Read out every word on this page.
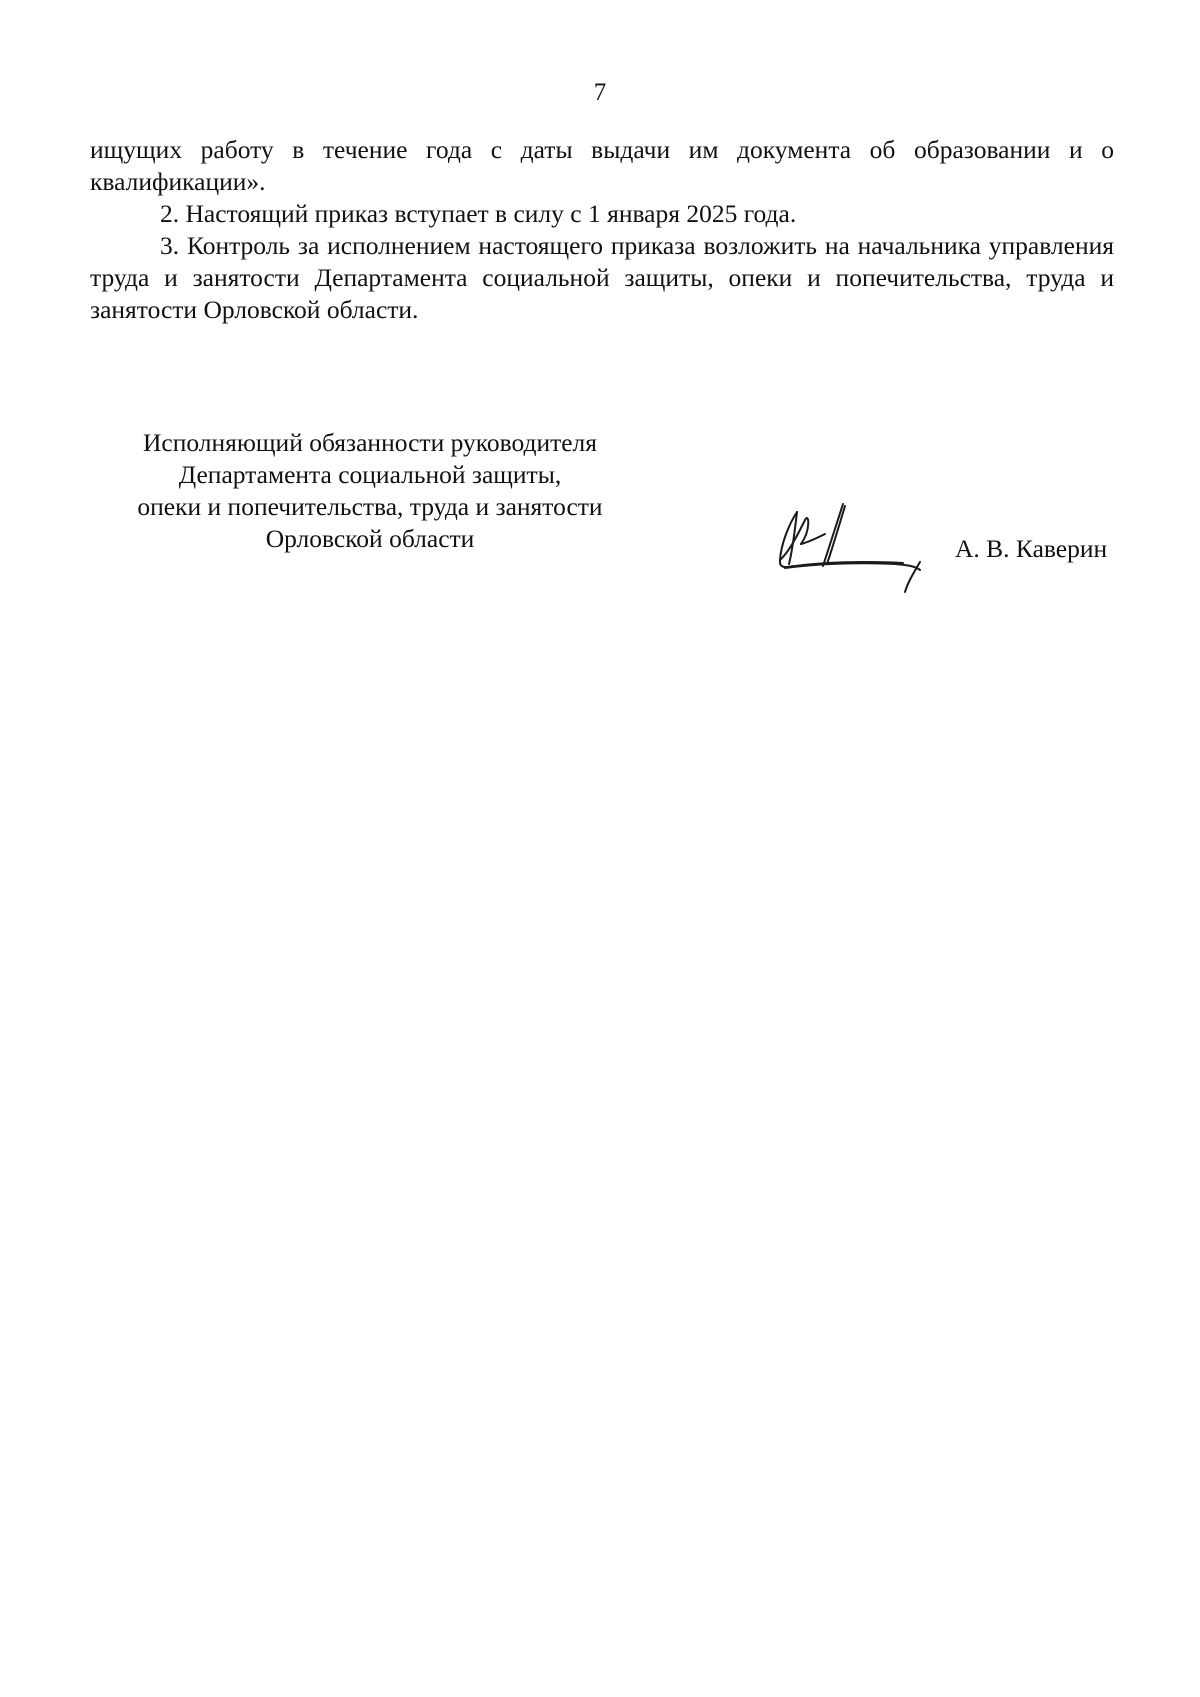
7

ищущих работу в течение года с даты выдачи им документа об образовании и о квалификации».

2. Настоящий приказ вступает в силу с 1 января 2025 года.

3. Контроль за исполнением настоящего приказа возложить на начальника управления труда и занятости Департамента социальной защиты, опеки и попечительства, труда и занятости Орловской области.

Исполняющий обязанности руководителя
Департамента социальной защиты,
опеки и попечительства, труда и занятости
Орловской области	А. В. Каверин
